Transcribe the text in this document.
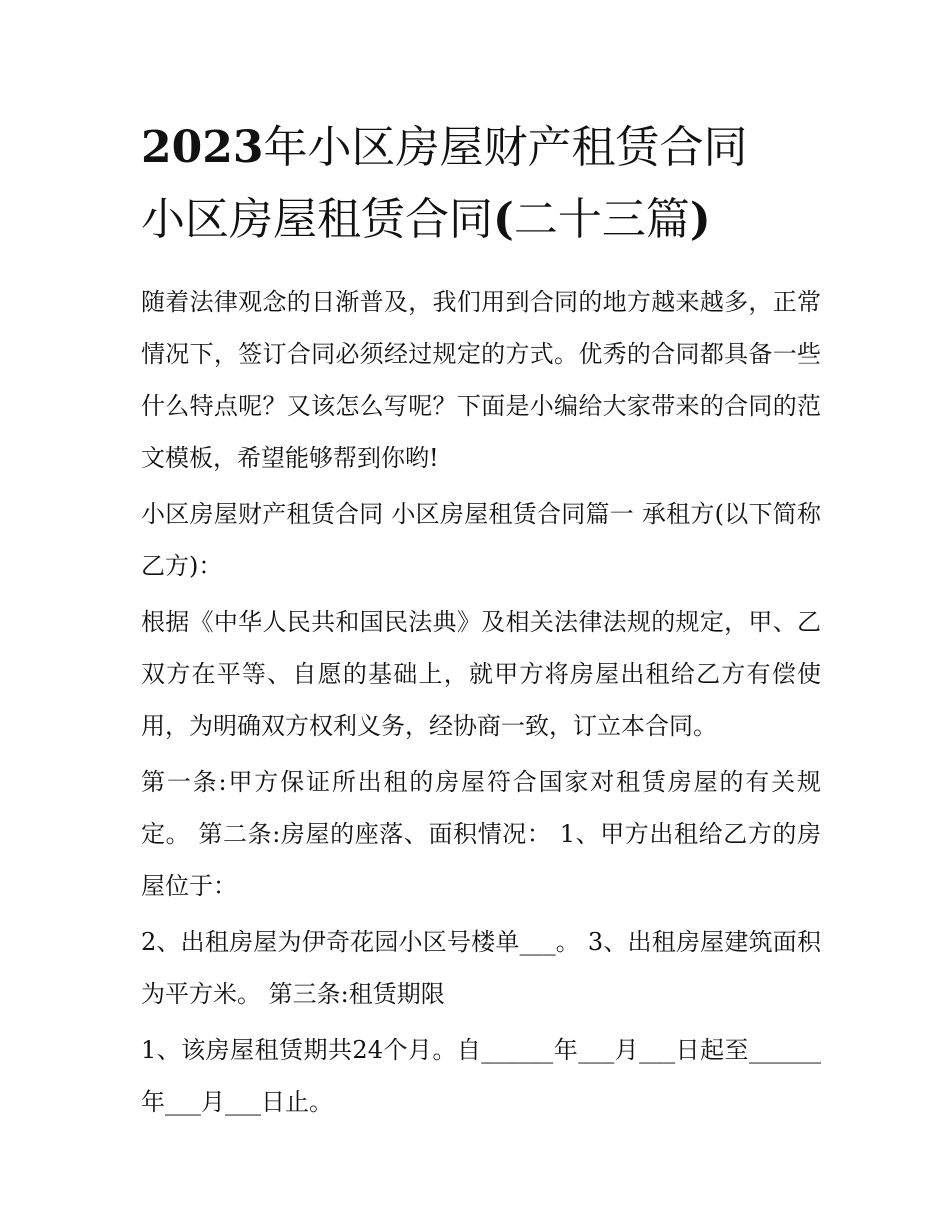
2023年小区房屋财产租赁合同
小区房屋租赁合同(二十三篇)

随着法律观念的日渐普及，我们用到合同的地方越来越多，正常情况下，签订合同必须经过规定的方式。优秀的合同都具备一些什么特点呢？又该怎么写呢？下面是小编给大家带来的合同的范文模板，希望能够帮到你哟!

小区房屋财产租赁合同 小区房屋租赁合同篇一 承租方(以下简称乙方)：

根据《中华人民共和国民法典》及相关法律法规的规定，甲、乙双方在平等、自愿的基础上，就甲方将房屋出租给乙方有偿使用，为明确双方权利义务，经协商一致，订立本合同。

第一条:甲方保证所出租的房屋符合国家对租赁房屋的有关规定。 第二条:房屋的座落、面积情况： 1、甲方出租给乙方的房屋位于：

2、出租房屋为伊奇花园小区号楼单___。 3、出租房屋建筑面积为平方米。 第三条:租赁期限

1、该房屋租赁期共24个月。自______年___月___日起至______年___月___日止。
